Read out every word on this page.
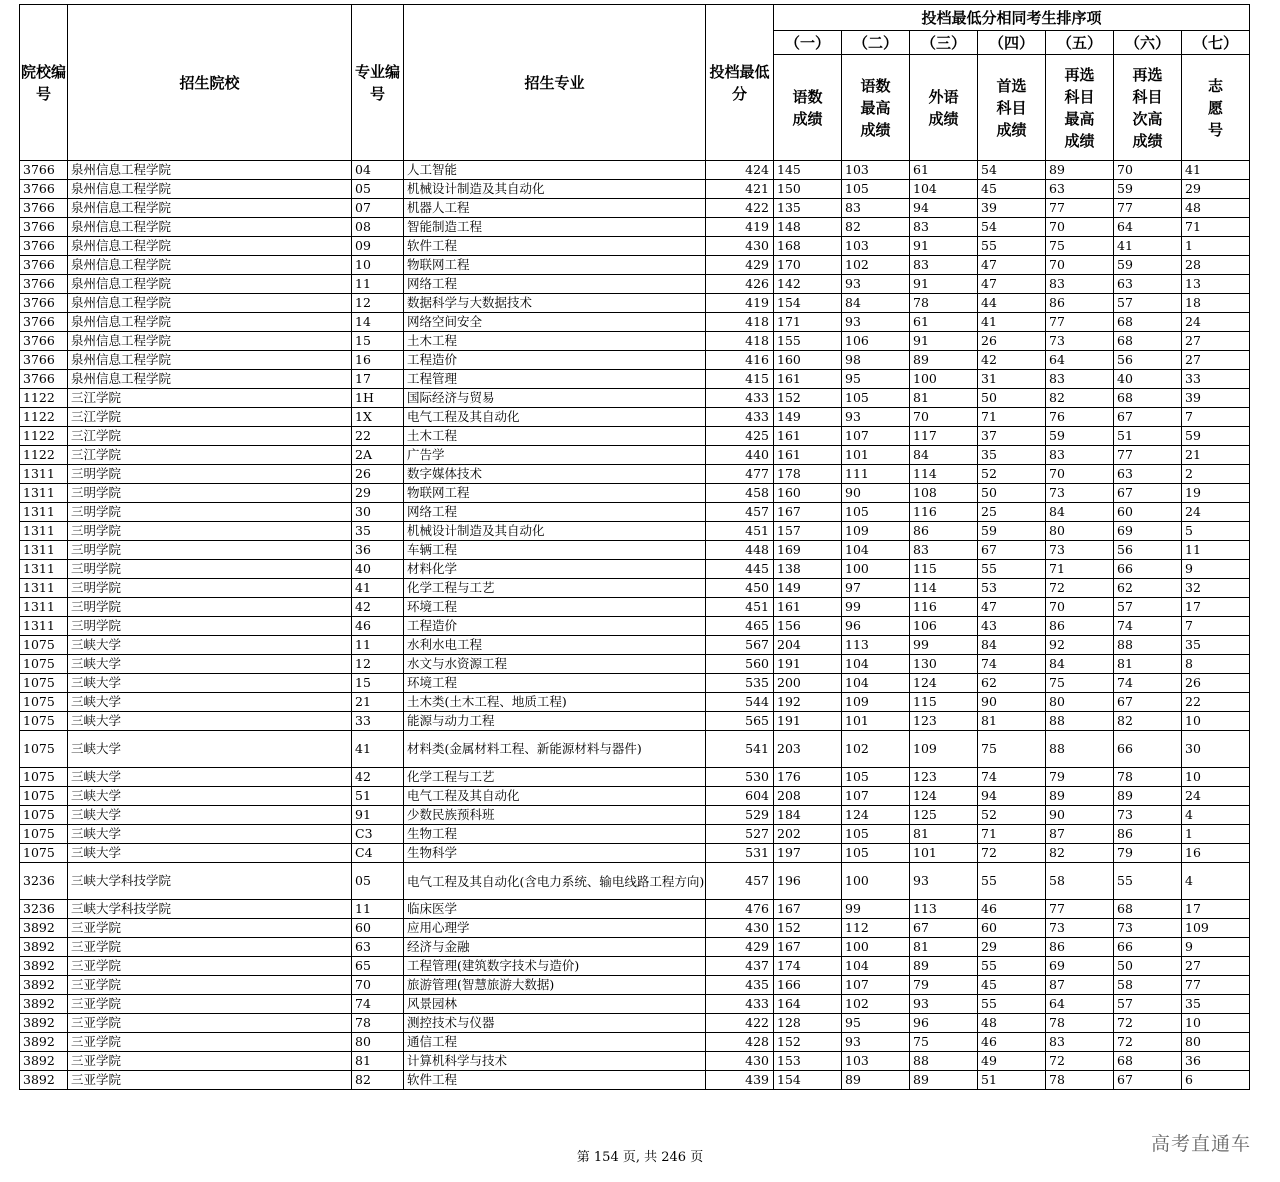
院校编号	招生院校	专业编号	招生专业	投档最低分	投档最低分相同考生排序项						
					（一）	（二）	（三）	（四）	（五）	（六）	（七）
					语数成绩	语数最高成绩	外语成绩	首选科目成绩	再选科目最高成绩	再选科目次高成绩	志愿号
3766	泉州信息工程学院	04	人工智能	424	145	103	61	54	89	70	41
3766	泉州信息工程学院	05	机械设计制造及其自动化	421	150	105	104	45	63	59	29
3766	泉州信息工程学院	07	机器人工程	422	135	83	94	39	77	77	48
3766	泉州信息工程学院	08	智能制造工程	419	148	82	83	54	70	64	71
3766	泉州信息工程学院	09	软件工程	430	168	103	91	55	75	41	1
3766	泉州信息工程学院	10	物联网工程	429	170	102	83	47	70	59	28
3766	泉州信息工程学院	11	网络工程	426	142	93	91	47	83	63	13
3766	泉州信息工程学院	12	数据科学与大数据技术	419	154	84	78	44	86	57	18
3766	泉州信息工程学院	14	网络空间安全	418	171	93	61	41	77	68	24
3766	泉州信息工程学院	15	土木工程	418	155	106	91	26	73	68	27
3766	泉州信息工程学院	16	工程造价	416	160	98	89	42	64	56	27
3766	泉州信息工程学院	17	工程管理	415	161	95	100	31	83	40	33
1122	三江学院	1H	国际经济与贸易	433	152	105	81	50	82	68	39
1122	三江学院	1X	电气工程及其自动化	433	149	93	70	71	76	67	7
1122	三江学院	22	土木工程	425	161	107	117	37	59	51	59
1122	三江学院	2A	广告学	440	161	101	84	35	83	77	21
1311	三明学院	26	数字媒体技术	477	178	111	114	52	70	63	2
1311	三明学院	29	物联网工程	458	160	90	108	50	73	67	19
1311	三明学院	30	网络工程	457	167	105	116	25	84	60	24
1311	三明学院	35	机械设计制造及其自动化	451	157	109	86	59	80	69	5
1311	三明学院	36	车辆工程	448	169	104	83	67	73	56	11
1311	三明学院	40	材料化学	445	138	100	115	55	71	66	9
1311	三明学院	41	化学工程与工艺	450	149	97	114	53	72	62	32
1311	三明学院	42	环境工程	451	161	99	116	47	70	57	17
1311	三明学院	46	工程造价	465	156	96	106	43	86	74	7
1075	三峡大学	11	水利水电工程	567	204	113	99	84	92	88	35
1075	三峡大学	12	水文与水资源工程	560	191	104	130	74	84	81	8
1075	三峡大学	15	环境工程	535	200	104	124	62	75	74	26
1075	三峡大学	21	土木类(土木工程、地质工程)	544	192	109	115	90	80	67	22
1075	三峡大学	33	能源与动力工程	565	191	101	123	81	88	82	10
1075	三峡大学	41	材料类(金属材料工程、新能源材料与器件)	541	203	102	109	75	88	66	30
1075	三峡大学	42	化学工程与工艺	530	176	105	123	74	79	78	10
1075	三峡大学	51	电气工程及其自动化	604	208	107	124	94	89	89	24
1075	三峡大学	91	少数民族预科班	529	184	124	125	52	90	73	4
1075	三峡大学	C3	生物工程	527	202	105	81	71	87	86	1
1075	三峡大学	C4	生物科学	531	197	105	101	72	82	79	16
3236	三峡大学科技学院	05	电气工程及其自动化(含电力系统、输电线路工程方向)	457	196	100	93	55	58	55	4
3236	三峡大学科技学院	11	临床医学	476	167	99	113	46	77	68	17
3892	三亚学院	60	应用心理学	430	152	112	67	60	73	73	109
3892	三亚学院	63	经济与金融	429	167	100	81	29	86	66	9
3892	三亚学院	65	工程管理(建筑数字技术与造价)	437	174	104	89	55	69	50	27
3892	三亚学院	70	旅游管理(智慧旅游大数据)	435	166	107	79	45	87	58	77
3892	三亚学院	74	风景园林	433	164	102	93	55	64	57	35
3892	三亚学院	78	测控技术与仪器	422	128	95	96	48	78	72	10
3892	三亚学院	80	通信工程	428	152	93	75	46	83	72	80
3892	三亚学院	81	计算机科学与技术	430	153	103	88	49	72	68	36
3892	三亚学院	82	软件工程	439	154	89	89	51	78	67	6
第 154 页, 共 246 页
高考直通车
